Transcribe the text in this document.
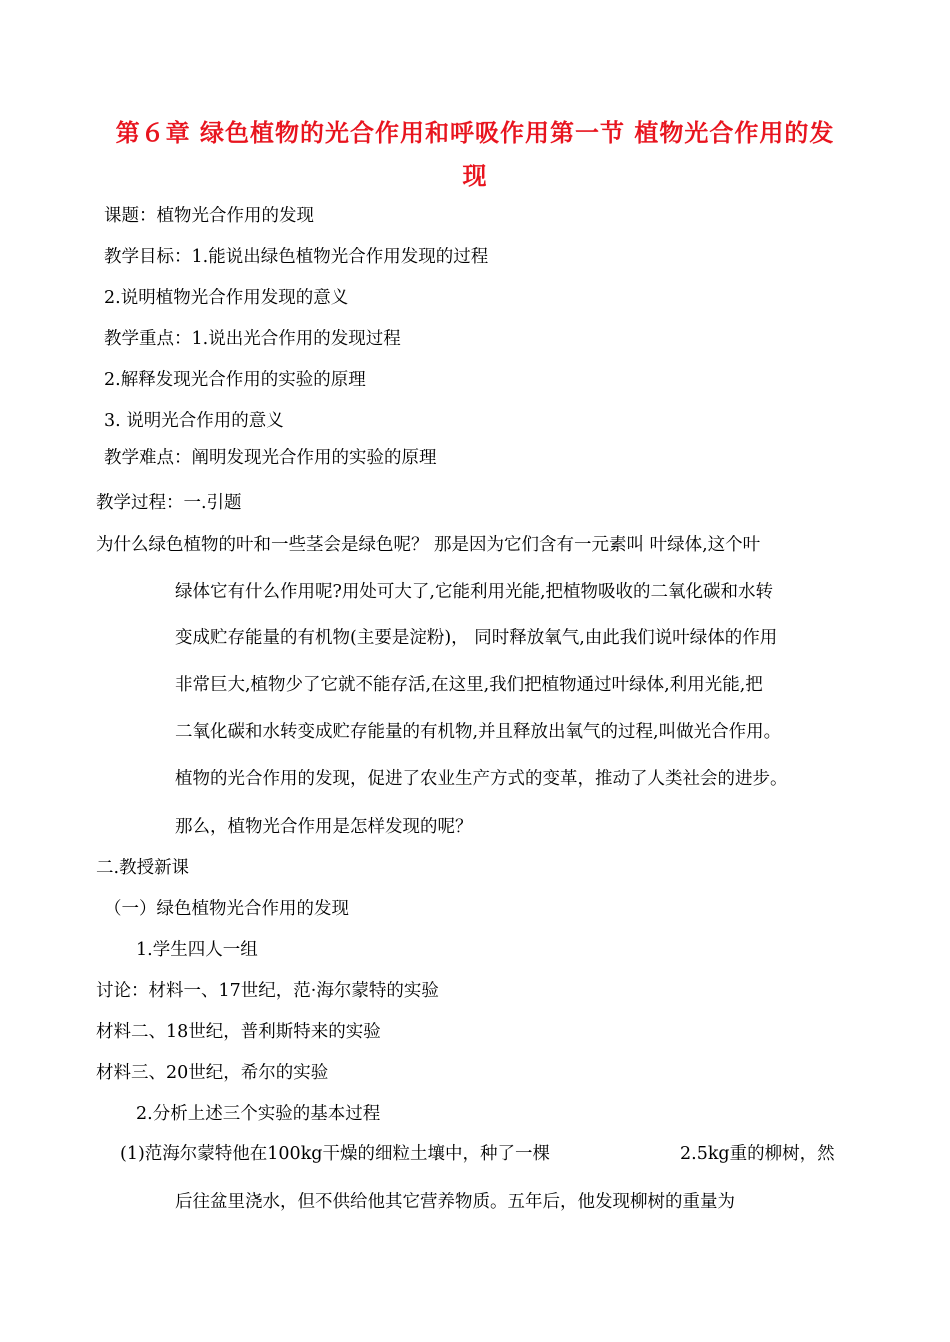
第６章 绿色植物的光合作用和呼吸作用第一节 植物光合作用的发
现
课题：植物光合作用的发现
教学目标：1.能说出绿色植物光合作用发现的过程
2.说明植物光合作用发现的意义
教学重点：1.说出光合作用的发现过程
2.解释发现光合作用的实验的原理
3. 说明光合作用的意义
教学难点：阐明发现光合作用的实验的原理
教学过程：一.引题
为什么绿色植物的叶和一些茎会是绿色呢？ 那是因为它们含有一元素叫 叶绿体,这个叶
绿体它有什么作用呢?用处可大了,它能利用光能,把植物吸收的二氧化碳和水转
变成贮存能量的有机物(主要是淀粉)， 同时释放氧气,由此我们说叶绿体的作用
非常巨大,植物少了它就不能存活,在这里,我们把植物通过叶绿体,利用光能,把
二氧化碳和水转变成贮存能量的有机物,并且释放出氧气的过程,叫做光合作用。
植物的光合作用的发现，促进了农业生产方式的变革，推动了人类社会的进步。
那么，植物光合作用是怎样发现的呢？
二.教授新课
（一）绿色植物光合作用的发现
1.学生四人一组
讨论：材料一、17世纪，范·海尔蒙特的实验
材料二、18世纪，普利斯特来的实验
材料三、20世纪，希尔的实验
2.分析上述三个实验的基本过程
(1)范海尔蒙特他在100kg干燥的细粒土壤中，种了一棵	2.5kg重的柳树，然
后往盆里浇水，但不供给他其它营养物质。五年后，他发现柳树的重量为
